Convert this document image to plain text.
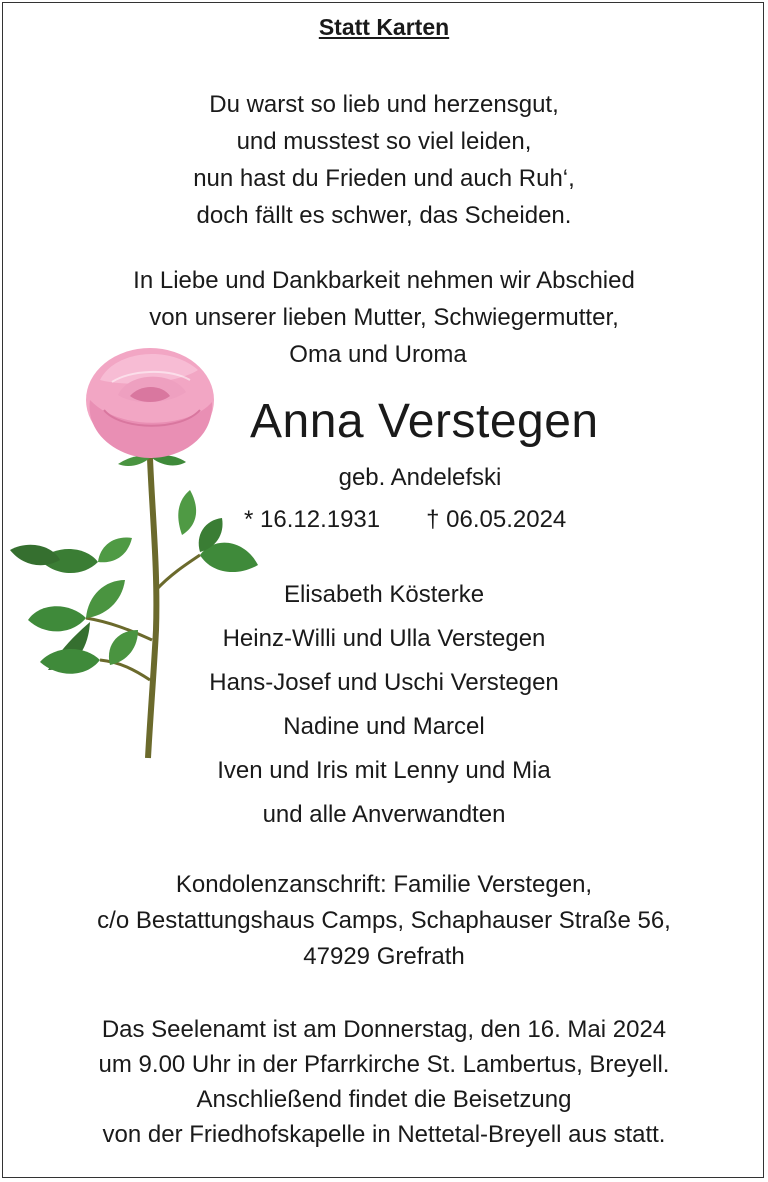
Statt Karten
Du warst so lieb und herzensgut,
und musstest so viel leiden,
nun hast du Frieden und auch Ruh‘,
doch fällt es schwer, das Scheiden.
In Liebe und Dankbarkeit nehmen wir Abschied
von unserer lieben Mutter, Schwiegermutter,
Oma und Uroma
Anna Verstegen
geb. Andelefski
* 16.12.1931 † 06.05.2024
Elisabeth Kösterke
Heinz-Willi und Ulla Verstegen
Hans-Josef und Uschi Verstegen
Nadine und Marcel
Iven und Iris mit Lenny und Mia
und alle Anverwandten
Kondolenzanschrift: Familie Verstegen,
c/o Bestattungshaus Camps, Schaphauser Straße 56,
47929 Grefrath
Das Seelenamt ist am Donnerstag, den 16. Mai 2024
um 9.00 Uhr in der Pfarrkirche St. Lambertus, Breyell.
Anschließend findet die Beisetzung
von der Friedhofskapelle in Nettetal-Breyell aus statt.
